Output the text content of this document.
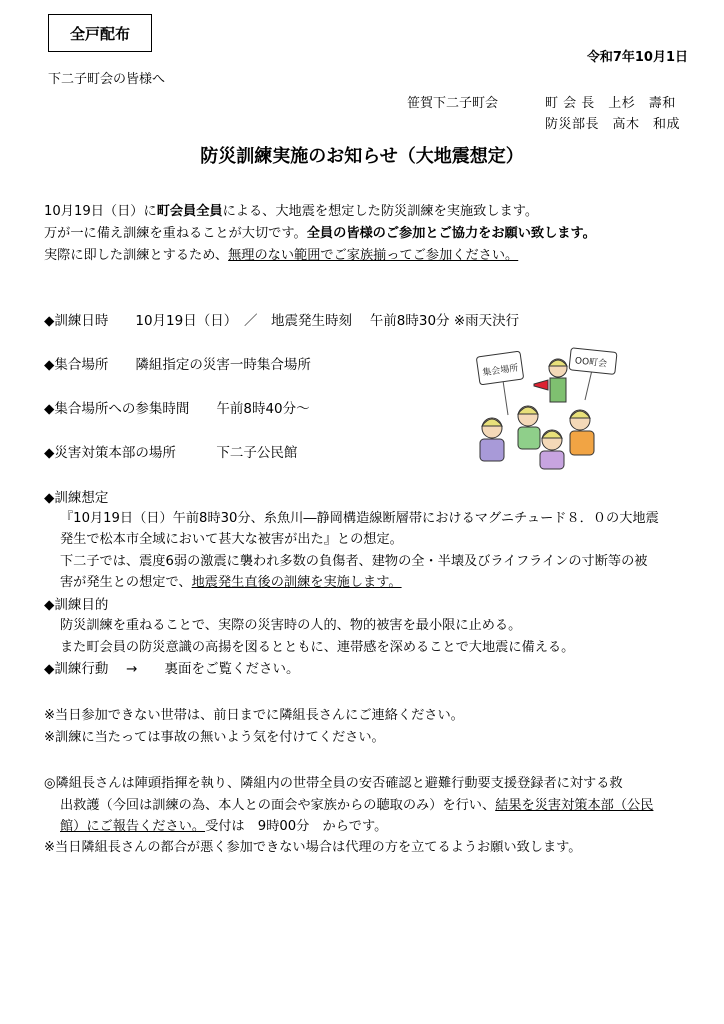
全戸配布
令和7年10月1日
下二子町会の皆様へ
笹賀下二子町会	町 会 長　上杉　壽和
防災部長　高木　和成
防災訓練実施のお知らせ（大地震想定）
10月19日（日）に町会員全員による、大地震を想定した防災訓練を実施致します。
万が一に備え訓練を重ねることが大切です。全員の皆様のご参加とご協力をお願い致します。
実際に即した訓練とするため、無理のない範囲でご家族揃ってご参加ください。
◆訓練日時　　10月19日（日）　／　地震発生時刻　 午前8時30分 ※雨天決行
◆集合場所　　隣組指定の災害一時集合場所
◆集合場所への参集時間　　午前8時40分～
◆災害対策本部の場所　　　下二子公民館
集会場所
OO町会
◆訓練想定
『10月19日（日）午前8時30分、糸魚川―静岡構造線断層帯におけるマグニチュード８．０の大地震
発生で松本市全域において甚大な被害が出た』との想定。
下二子では、震度6弱の激震に襲われ多数の負傷者、建物の全・半壊及びライフラインの寸断等の被
害が発生との想定で、地震発生直後の訓練を実施します。
◆訓練目的
防災訓練を重ねることで、実際の災害時の人的、物的被害を最小限に止める。
また町会員の防災意識の高揚を図るとともに、連帯感を深めることで大地震に備える。
◆訓練行動　 →　　裏面をご覧ください。
※当日参加できない世帯は、前日までに隣組長さんにご連絡ください。
※訓練に当たっては事故の無いよう気を付けてください。
◎隣組長さんは陣頭指揮を執り、隣組内の世帯全員の安否確認と避難行動要支援登録者に対する救
出救護（今回は訓練の為、本人との面会や家族からの聴取のみ）を行い、結果を災害対策本部（公民
館）にご報告ください。受付は　9時00分　からです。
※当日隣組長さんの都合が悪く参加できない場合は代理の方を立てるようお願い致します。
